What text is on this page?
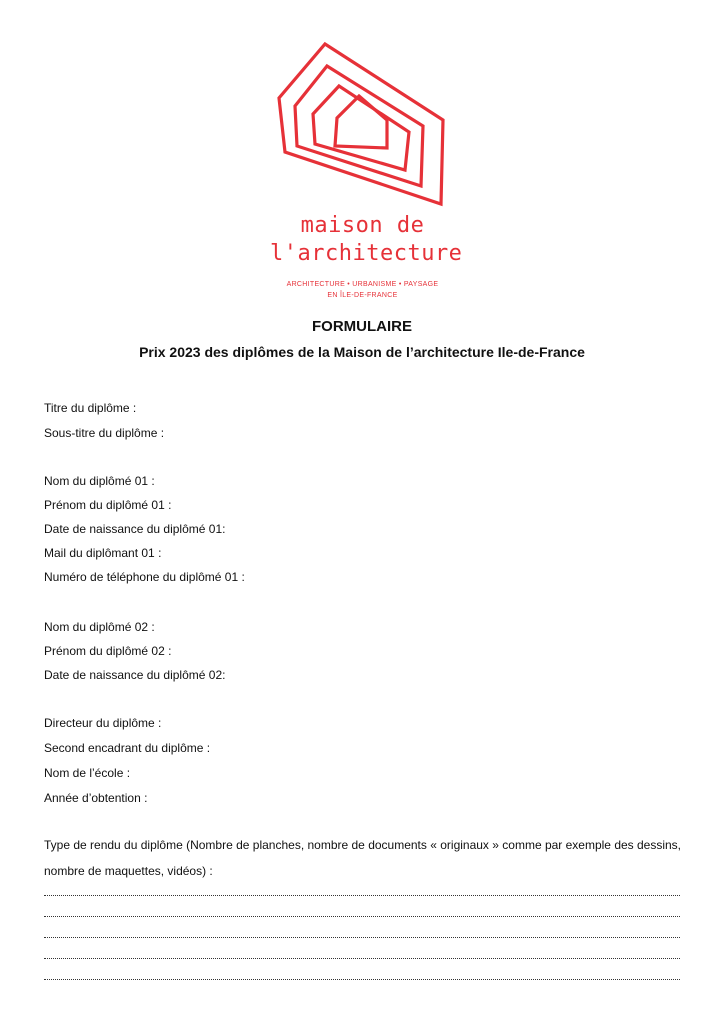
maison de
l'architecture
ARCHITECTURE • URBANISME • PAYSAGE
EN ÎLE-DE-FRANCE
FORMULAIRE
Prix 2023 des diplômes de la Maison de l’architecture Ile-de-France
Titre du diplôme :
Sous-titre du diplôme :
Nom du diplômé 01 :
Prénom du diplômé 01 :
Date de naissance du diplômé 01:
Mail du diplômant 01 :
Numéro de téléphone du diplômé 01 :
Nom du diplômé 02 :
Prénom du diplômé 02 :
Date de naissance du diplômé 02:
Directeur du diplôme :
Second encadrant du diplôme :
Nom de l’école :
Année d’obtention :
Type de rendu du diplôme (Nombre de planches, nombre de documents « originaux » comme par exemple des dessins, nombre de maquettes, vidéos) :
